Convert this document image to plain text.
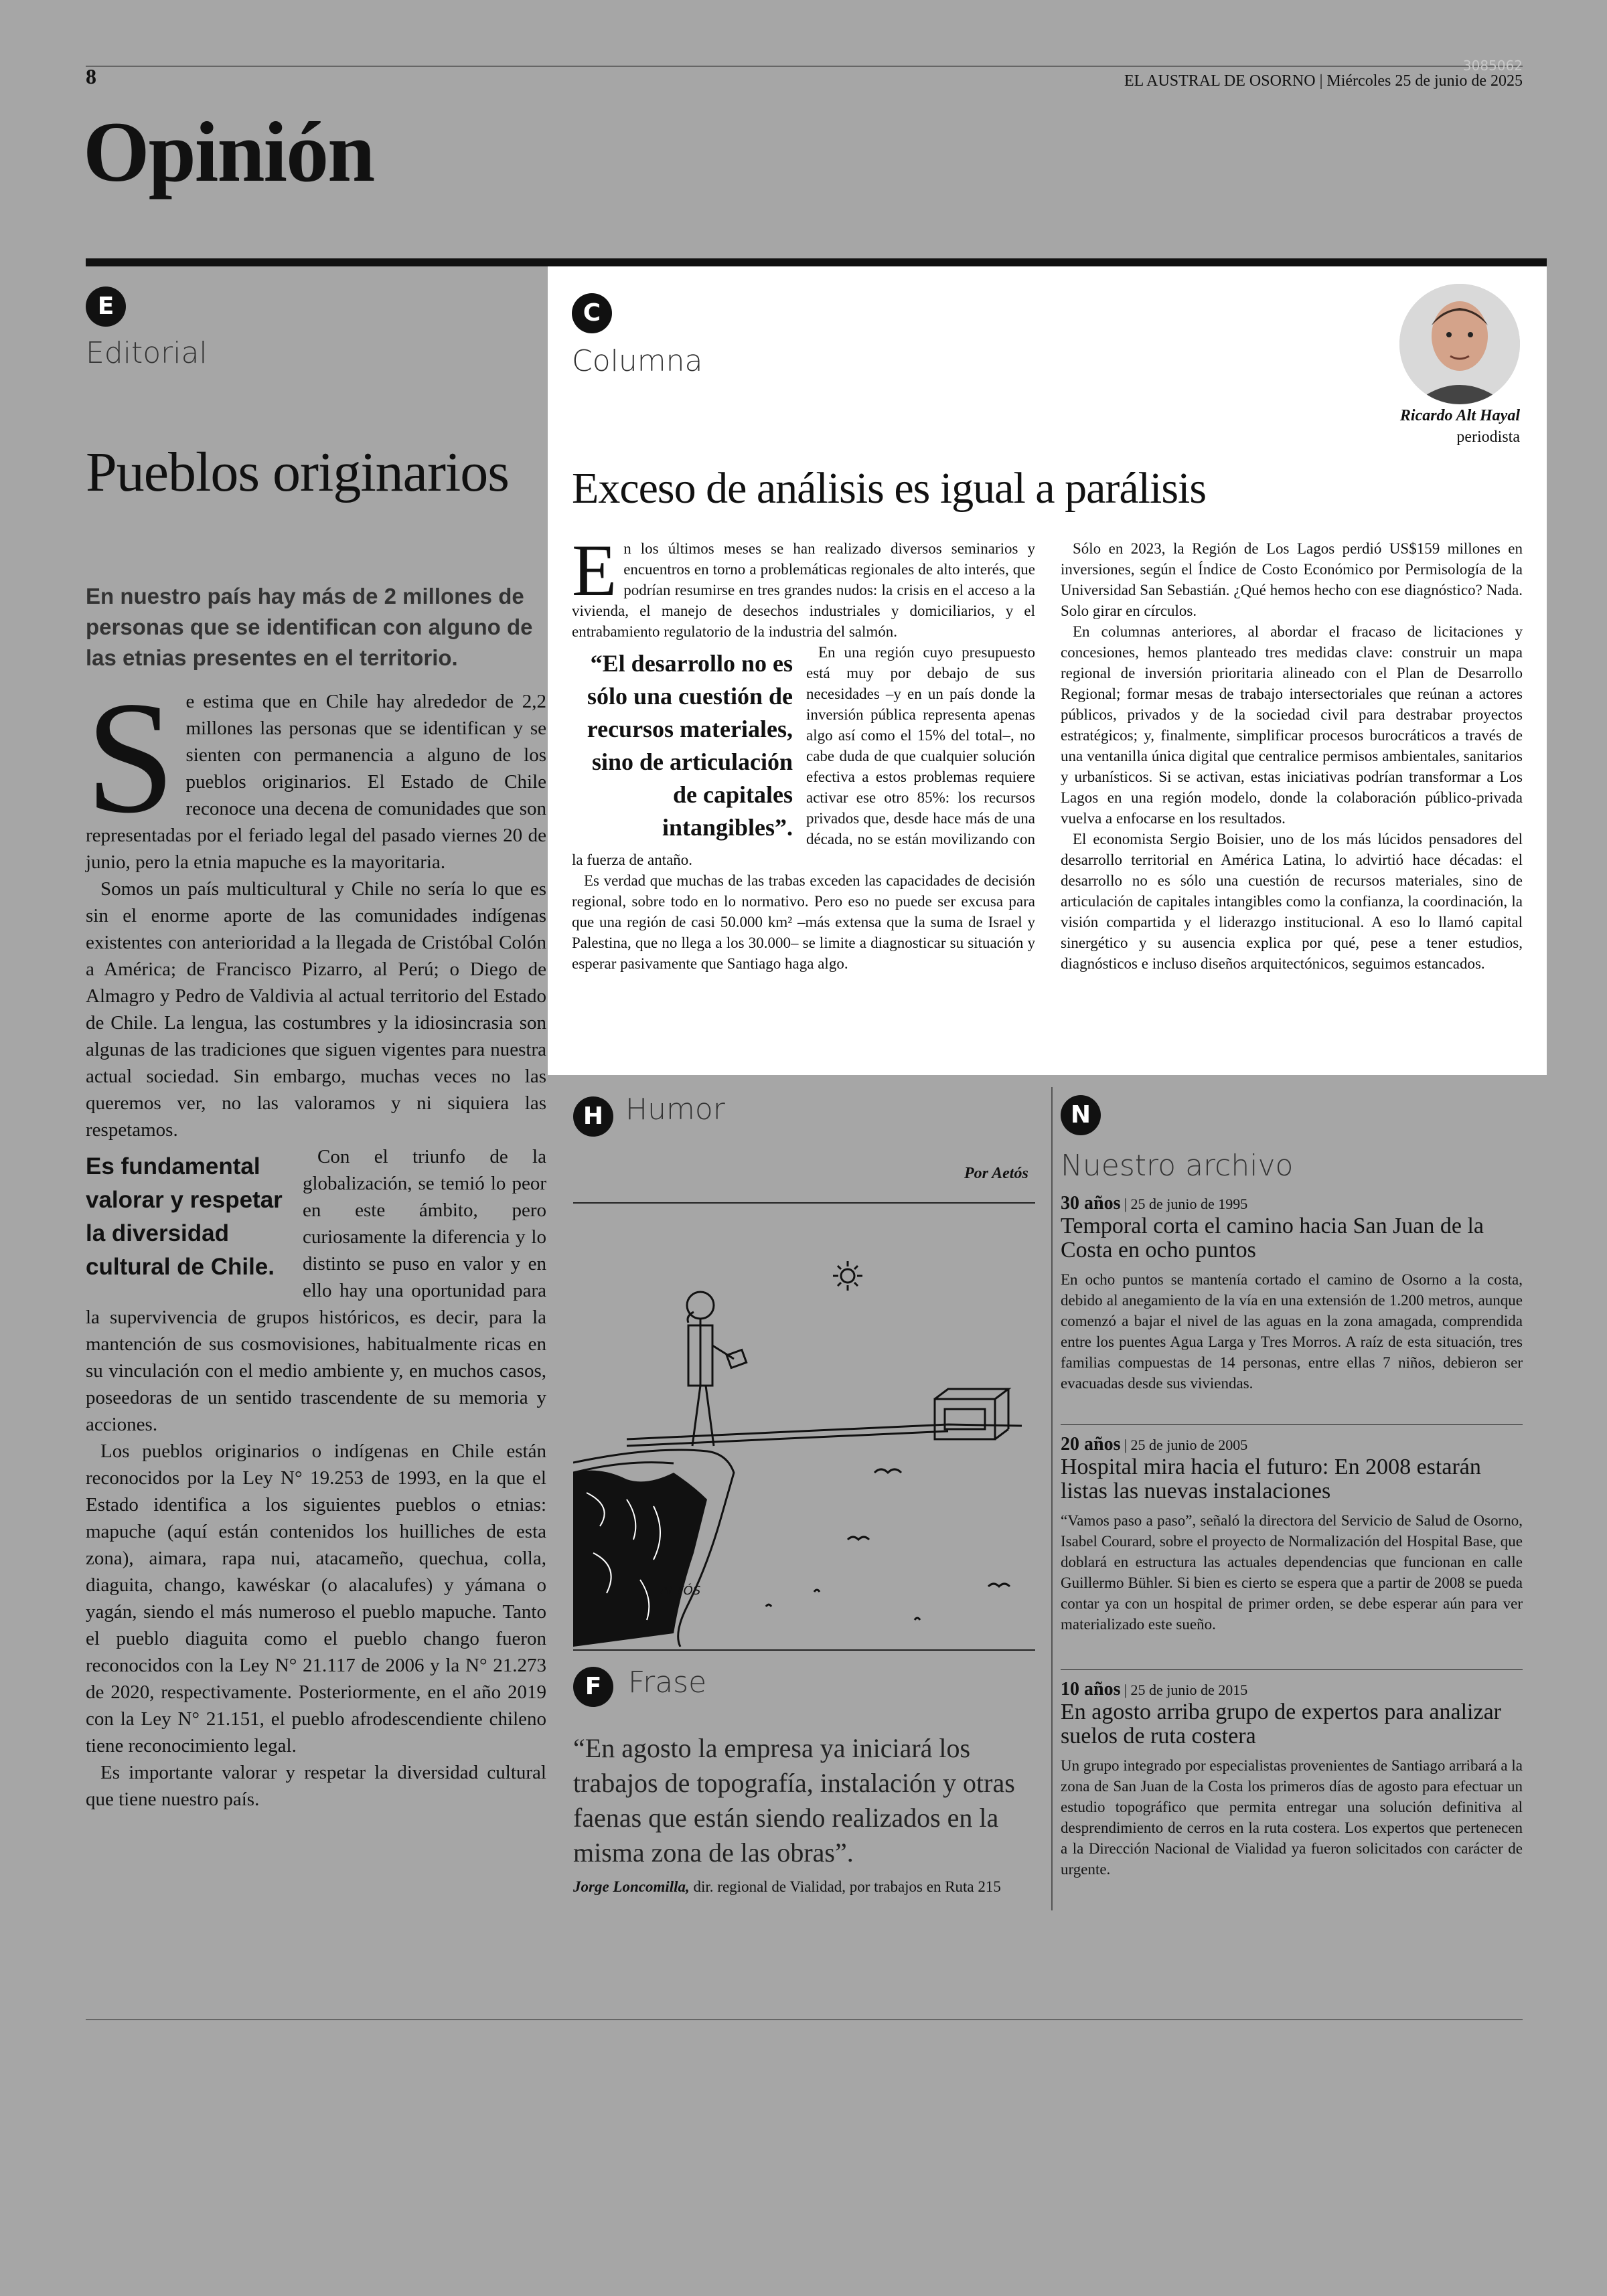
8	3085062
EL AUSTRAL DE OSORNO | Miércoles 25 de junio de 2025
Opinión
E
Editorial
Pueblos originarios
En nuestro país hay más de 2 millones de personas que se identifican con alguno de las etnias presentes en el territorio.
S e estima que en Chile hay alrededor de 2,2 millones las personas que se identifican y se sienten con permanencia a alguno de los pueblos originarios. El Estado de Chile reconoce una decena de comunidades que son representadas por el feriado legal del pasado viernes 20 de junio, pero la etnia mapuche es la mayoritaria.

Somos un país multicultural y Chile no sería lo que es sin el enorme aporte de las comunidades indígenas existentes con anterioridad a la llegada de Cristóbal Colón a América; de Francisco Pizarro, al Perú; o Diego de Almagro y Pedro de Valdivia al actual territorio del Estado de Chile. La lengua, las costumbres y la idiosincrasia son algunas de las tradiciones que siguen vigentes para nuestra actual sociedad. Sin embargo, muchas veces no las queremos ver, no las valoramos y ni siquiera las respetamos.

Es fundamental valorar y respetar la diversidad cultural de Chile.

Con el triunfo de la globalización, se temió lo peor en este ámbito, pero curiosamente la diferencia y lo distinto se puso en valor y en ello hay una oportunidad para la supervivencia de grupos históricos, es decir, para la mantención de sus cosmovisiones, habitualmente ricas en su vinculación con el medio ambiente y, en muchos casos, poseedoras de un sentido trascendente de su memoria y acciones.

Los pueblos originarios o indígenas en Chile están reconocidos por la Ley N° 19.253 de 1993, en la que el Estado identifica a los siguientes pueblos o etnias: mapuche (aquí están contenidos los huilliches de esta zona), aimara, rapa nui, atacameño, quechua, colla, diaguita, chango, kawéskar (o alacalufes) y yámana o yagán, siendo el más numeroso el pueblo mapuche. Tanto el pueblo diaguita como el pueblo chango fueron reconocidos con la Ley N° 21.117 de 2006 y la N° 21.273 de 2020, respectivamente. Posteriormente, en el año 2019 con la Ley N° 21.151, el pueblo afrodescendiente chileno tiene reconocimiento legal.

Es importante valorar y respetar la diversidad cultural que tiene nuestro país.

C
Columna
Ricardo Alt Hayal
periodista
Exceso de análisis es igual a parálisis
E n los últimos meses se han realizado diversos seminarios y encuentros en torno a problemáticas regionales de alto interés, que podrían resumirse en tres grandes nudos: la crisis en el acceso a la vivienda, el manejo de desechos industriales y domiciliarios, y el entrabamiento regulatorio de la industria del salmón.

“El desarrollo no es sólo una cuestión de recursos materiales, sino de articulación de capitales intangibles”.

En una región cuyo presupuesto está muy por debajo de sus necesidades –y en un país donde la inversión pública representa apenas algo así como el 15% del total–, no cabe duda de que cualquier solución efectiva a estos problemas requiere activar ese otro 85%: los recursos privados que, desde hace más de una década, no se están movilizando con la fuerza de antaño.

Es verdad que muchas de las trabas exceden las capacidades de decisión regional, sobre todo en lo normativo. Pero eso no puede ser excusa para que una región de casi 50.000 km² –más extensa que la suma de Israel y Palestina, que no llega a los 30.000– se limite a diagnosticar su situación y esperar pasivamente que Santiago haga algo.

Sólo en 2023, la Región de Los Lagos perdió US$159 millones en inversiones, según el Índice de Costo Económico por Permisología de la Universidad San Sebastián. ¿Qué hemos hecho con ese diagnóstico? Nada. Solo girar en círculos.

En columnas anteriores, al abordar el fracaso de licitaciones y concesiones, hemos planteado tres medidas clave: construir un mapa regional de inversión prioritaria alineado con el Plan de Desarrollo Regional; formar mesas de trabajo intersectoriales que reúnan a actores públicos, privados y de la sociedad civil para destrabar proyectos estratégicos; y, finalmente, simplificar procesos burocráticos a través de una ventanilla única digital que centralice permisos ambientales, sanitarios y urbanísticos. Si se activan, estas iniciativas podrían transformar a Los Lagos en una región modelo, donde la colaboración público-privada vuelva a enfocarse en los resultados.

El economista Sergio Boisier, uno de los más lúcidos pensadores del desarrollo territorial en América Latina, lo advirtió hace décadas: el desarrollo no es sólo una cuestión de recursos materiales, sino de articulación de capitales intangibles como la confianza, la coordinación, la visión compartida y el liderazgo institucional. A eso lo llamó capital sinergético y su ausencia explica por qué, pese a tener estudios, diagnósticos e incluso diseños arquitectónicos, seguimos estancados.

H Humor
Por Aetós
AETÓS
F Frase
“En agosto la empresa ya iniciará los trabajos de topografía, instalación y otras faenas que están siendo realizados en la misma zona de las obras”.
Jorge Loncomilla, dir. regional de Vialidad, por trabajos en Ruta 215
N
Nuestro archivo
30 años | 25 de junio de 1995
Temporal corta el camino hacia San Juan de la Costa en ocho puntos
En ocho puntos se mantenía cortado el camino de Osorno a la costa, debido al anegamiento de la vía en una extensión de 1.200 metros, aunque comenzó a bajar el nivel de las aguas en la zona amagada, comprendida entre los puentes Agua Larga y Tres Morros. A raíz de esta situación, tres familias compuestas de 14 personas, entre ellas 7 niños, debieron ser evacuadas desde sus viviendas.
20 años | 25 de junio de 2005
Hospital mira hacia el futuro: En 2008 estarán listas las nuevas instalaciones
“Vamos paso a paso”, señaló la directora del Servicio de Salud de Osorno, Isabel Courard, sobre el proyecto de Normalización del Hospital Base, que doblará en estructura las actuales dependencias que funcionan en calle Guillermo Bühler. Si bien es cierto se espera que a partir de 2008 se pueda contar ya con un hospital de primer orden, se debe esperar aún para ver materializado este sueño.
10 años | 25 de junio de 2015
En agosto arriba grupo de expertos para analizar suelos de ruta costera
Un grupo integrado por especialistas provenientes de Santiago arribará a la zona de San Juan de la Costa los primeros días de agosto para efectuar un estudio topográfico que permita entregar una solución definitiva al desprendimiento de cerros en la ruta costera. Los expertos que pertenecen a la Dirección Nacional de Vialidad ya fueron solicitados con carácter de urgente.
